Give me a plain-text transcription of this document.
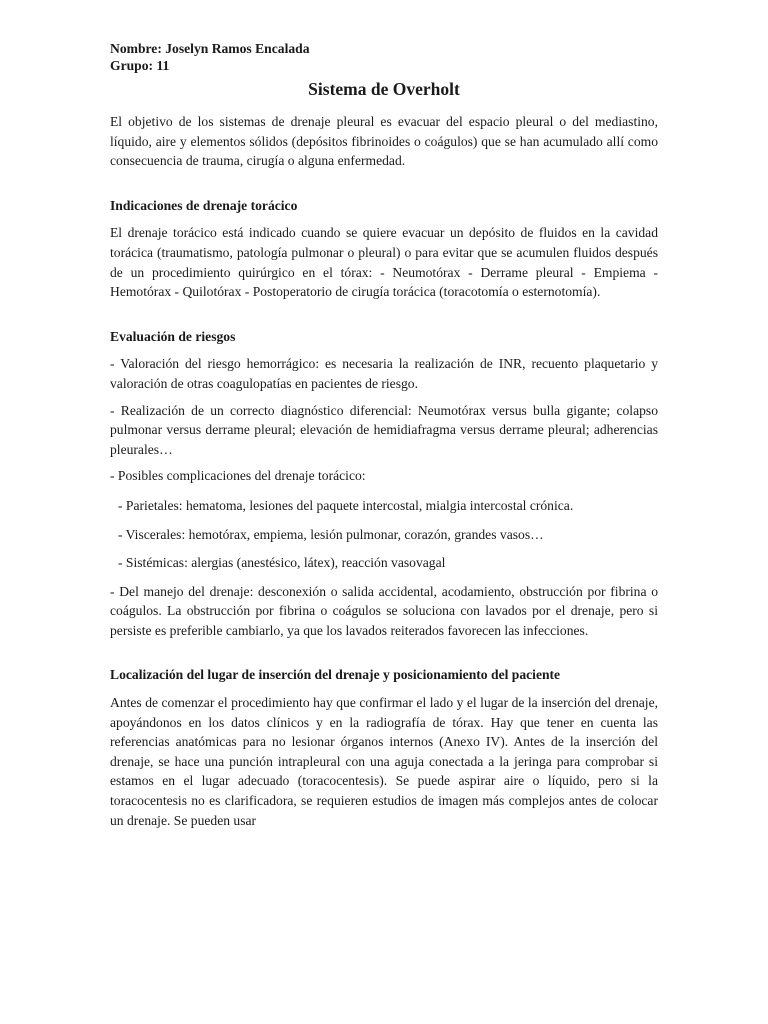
Nombre: Joselyn Ramos Encalada
Grupo: 11
Sistema de Overholt

El objetivo de los sistemas de drenaje pleural es evacuar del espacio pleural o del mediastino, líquido, aire y elementos sólidos (depósitos fibrinoides o coágulos) que se han acumulado allí como consecuencia de trauma, cirugía o alguna enfermedad.

Indicaciones de drenaje torácico

El drenaje torácico está indicado cuando se quiere evacuar un depósito de fluidos en la cavidad torácica (traumatismo, patología pulmonar o pleural) o para evitar que se acumulen fluidos después de un procedimiento quirúrgico en el tórax: - Neumotórax - Derrame pleural - Empiema - Hemotórax - Quilotórax - Postoperatorio de cirugía torácica (toracotomía o esternotomía).

Evaluación de riesgos

- Valoración del riesgo hemorrágico: es necesaria la realización de INR, recuento plaquetario y valoración de otras coagulopatías en pacientes de riesgo.

- Realización de un correcto diagnóstico diferencial: Neumotórax versus bulla gigante; colapso pulmonar versus derrame pleural; elevación de hemidiafragma versus derrame pleural; adherencias pleurales…

- Posibles complicaciones del drenaje torácico:

- Parietales: hematoma, lesiones del paquete intercostal, mialgia intercostal crónica.

- Viscerales: hemotórax, empiema, lesión pulmonar, corazón, grandes vasos…

- Sistémicas: alergias (anestésico, látex), reacción vasovagal

- Del manejo del drenaje: desconexión o salida accidental, acodamiento, obstrucción por fibrina o coágulos. La obstrucción por fibrina o coágulos se soluciona con lavados por el drenaje, pero si persiste es preferible cambiarlo, ya que los lavados reiterados favorecen las infecciones.

Localización del lugar de inserción del drenaje y posicionamiento del paciente

Antes de comenzar el procedimiento hay que confirmar el lado y el lugar de la inserción del drenaje, apoyándonos en los datos clínicos y en la radiografía de tórax. Hay que tener en cuenta las referencias anatómicas para no lesionar órganos internos (Anexo IV). Antes de la inserción del drenaje, se hace una punción intrapleural con una aguja conectada a la jeringa para comprobar si estamos en el lugar adecuado (toracocentesis). Se puede aspirar aire o líquido, pero si la toracocentesis no es clarificadora, se requieren estudios de imagen más complejos antes de colocar un drenaje. Se pueden usar
